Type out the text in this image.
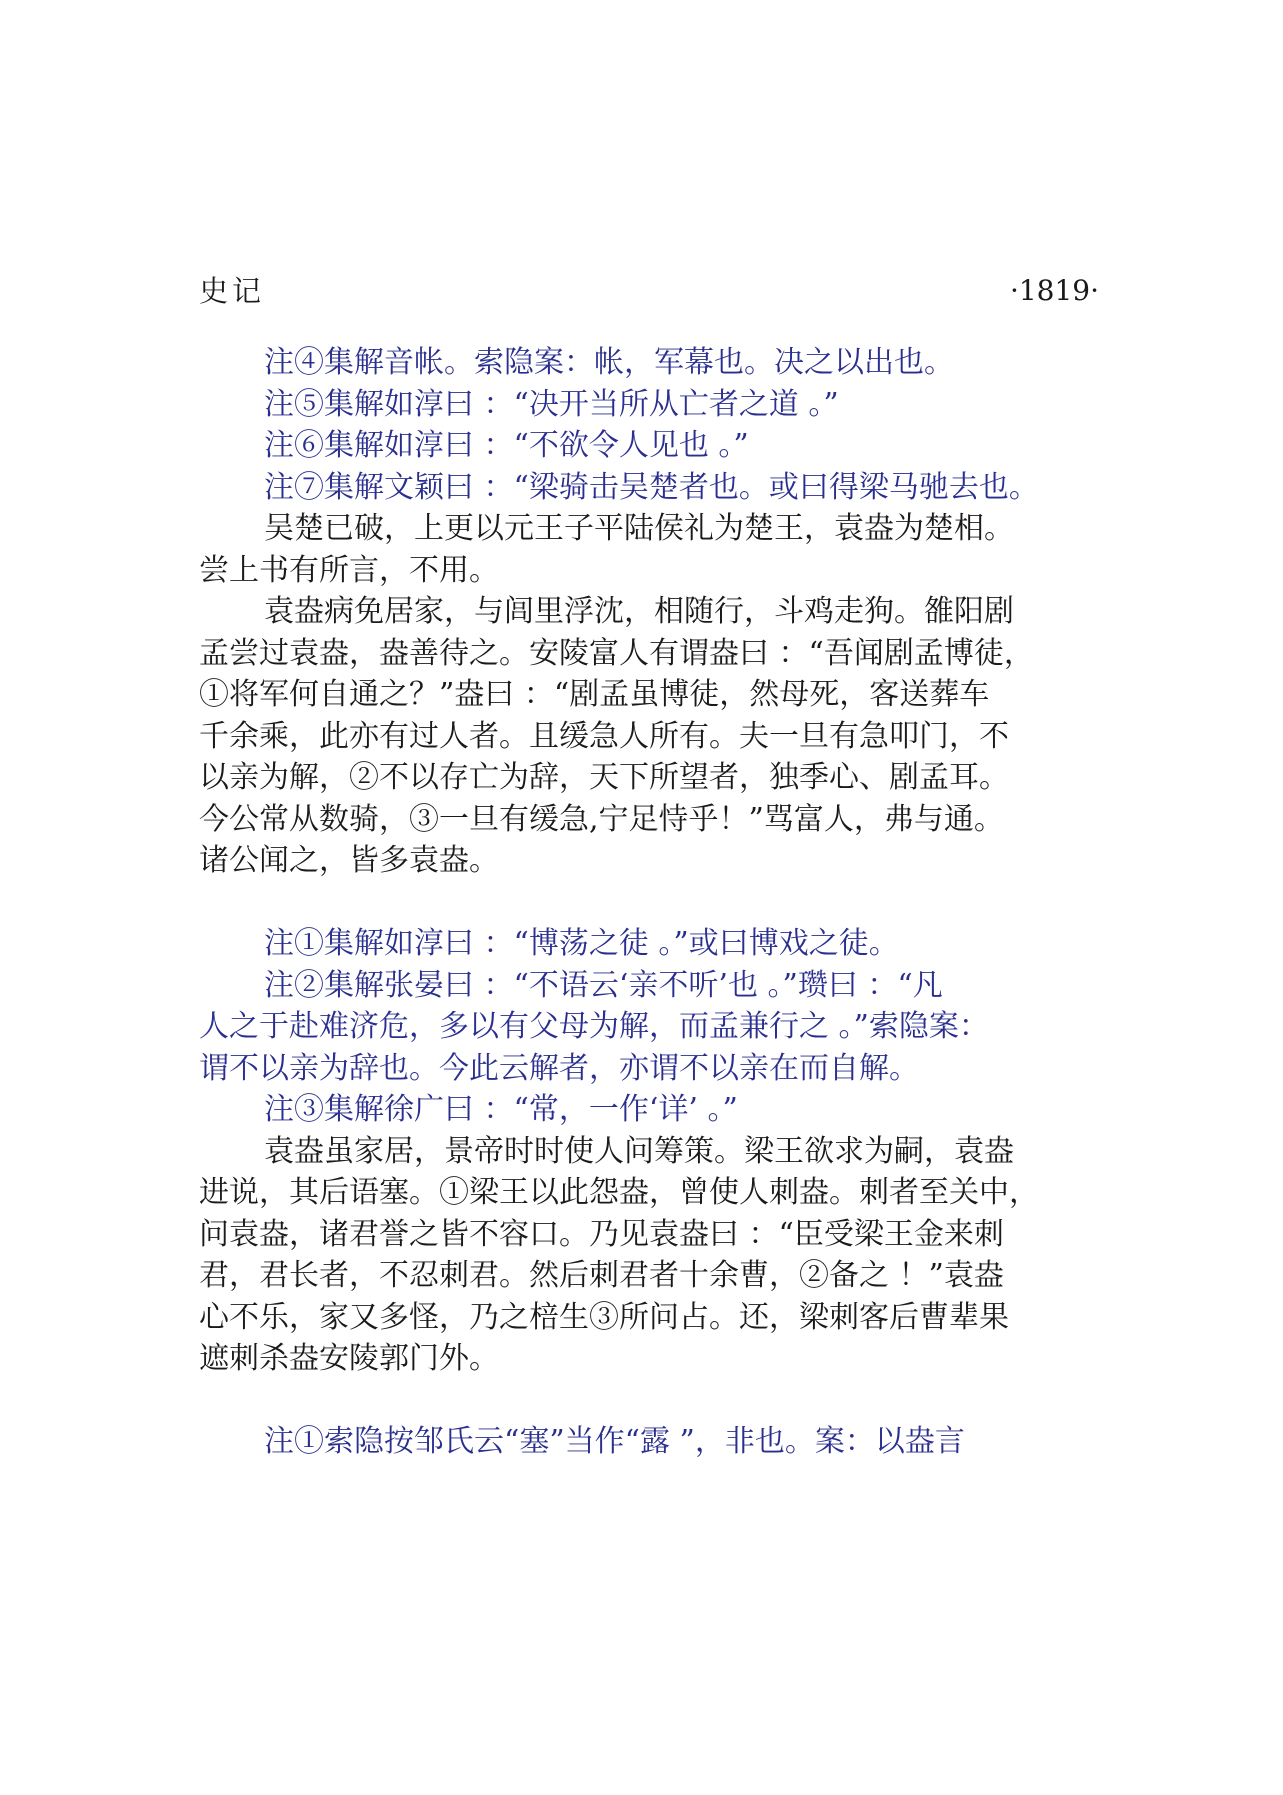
史记	·1819·
注④集解音帐。索隐案：帐，军幕也。决之以出也。
注⑤集解如淳曰 ：“决开当所从亡者之道 。”
注⑥集解如淳曰 ：“不欲令人见也 。”
注⑦集解文颖曰 ：“梁骑击吴楚者也。或曰得梁马驰去也。
吴楚已破，上更以元王子平陆侯礼为楚王，袁盎为楚相。
尝上书有所言，不用。
袁盎病免居家，与闾里浮沈，相随行，斗鸡走狗。雒阳剧
孟尝过袁盎，盎善待之。安陵富人有谓盎曰 ：“吾闻剧孟博徒，
①将军何自通之？”盎曰 ：“剧孟虽博徒，然母死，客送葬车
千余乘，此亦有过人者。且缓急人所有。夫一旦有急叩门，不
以亲为解，②不以存亡为辞，天下所望者，独季心、剧孟耳。
今公常从数骑，③一旦有缓急,宁足恃乎！”骂富人，弗与通。
诸公闻之，皆多袁盎。
注①集解如淳曰 ：“博荡之徒 。”或曰博戏之徒。
注②集解张晏曰 ：“不语云‘亲不听’也 。”瓒曰 ：“凡
人之于赴难济危，多以有父母为解，而孟兼行之 。”索隐案：
谓不以亲为辞也。今此云解者，亦谓不以亲在而自解。
注③集解徐广曰 ：“常，一作‘详’ 。”
袁盎虽家居，景帝时时使人问筹策。梁王欲求为嗣，袁盎
进说，其后语塞。①梁王以此怨盎，曾使人刺盎。刺者至关中，
问袁盎，诸君誉之皆不容口。乃见袁盎曰 ：“臣受梁王金来刺
君，君长者，不忍刺君。然后刺君者十余曹，②备之 ！”袁盎
心不乐，家又多怪，乃之棓生③所问占。还，梁刺客后曹辈果
遮刺杀盎安陵郭门外。
注①索隐按邹氏云“塞”当作“露 ”，非也。案：以盎言
